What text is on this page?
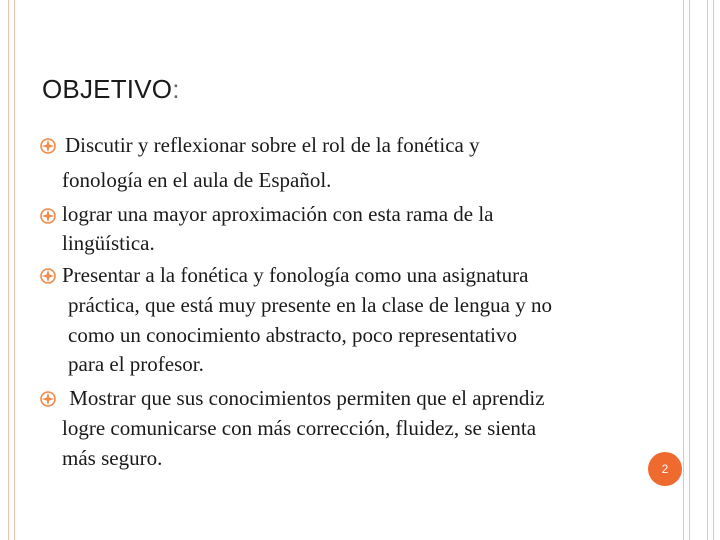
OBJETIVO:

Discutir y reflexionar sobre el rol de la fonética y

fonología en el aula de Español.

lograr una mayor aproximación con esta rama de la

lingüística.

Presentar a la fonética y fonología como una asignatura

práctica, que está muy presente en la clase de lengua y no

como un conocimiento abstracto, poco representativo

para el profesor.

Mostrar que sus conocimientos permiten que el aprendiz

logre comunicarse con más corrección, fluidez, se sienta

más seguro.	2
